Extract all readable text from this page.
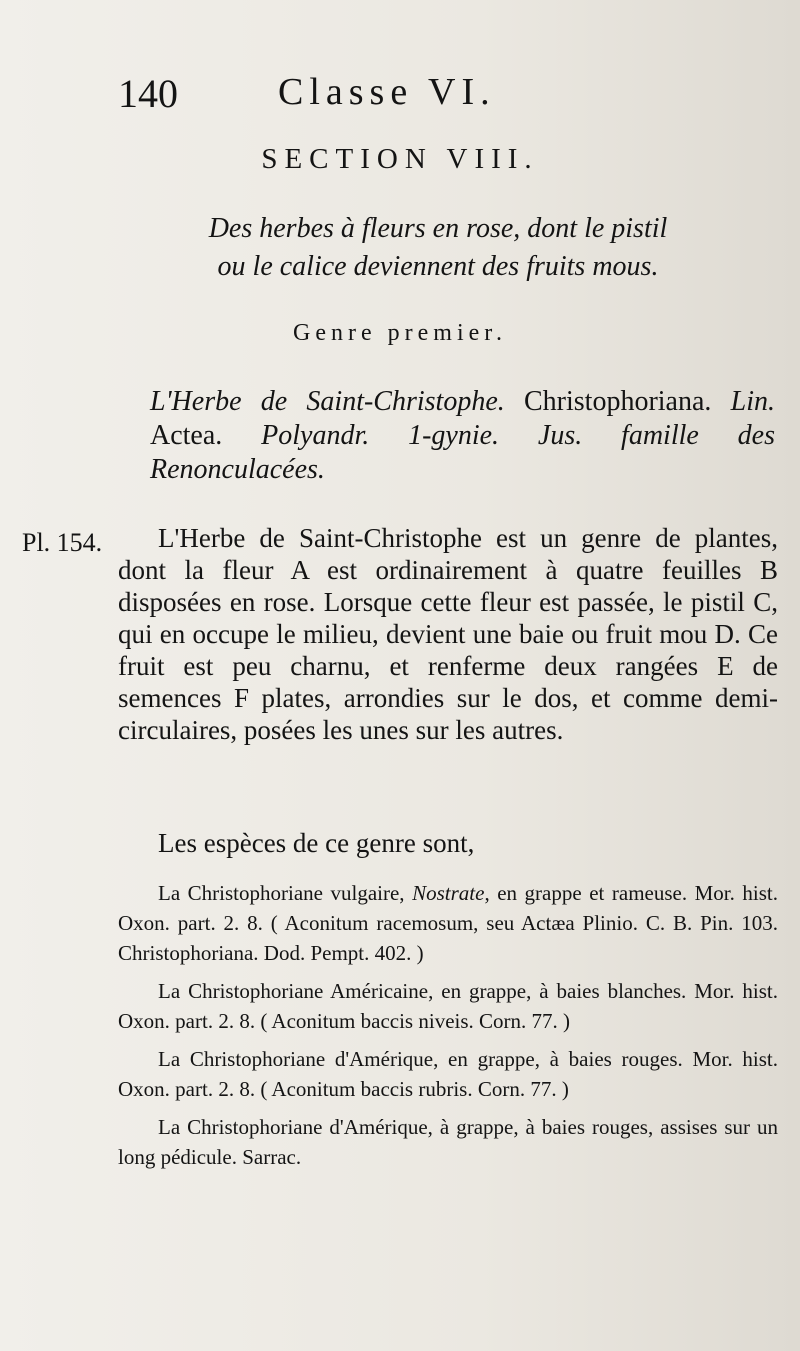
140	Classe VI.
SECTION VIII.
Des herbes à fleurs en rose, dont le pistil
ou le calice deviennent des fruits mous.
Genre premier.
L'Herbe de Saint-Christophe. Christophoriana. Lin. Actea. Polyandr. 1-gynie. Jus. famille des Renonculacées.
Pl. 154.	L'Herbe de Saint-Christophe est un genre de plantes, dont la fleur A est ordinairement à quatre feuilles B disposées en rose. Lorsque cette fleur est passée, le pistil C, qui en occupe le milieu, devient une baie ou fruit mou D. Ce fruit est peu charnu, et renferme deux rangées E de semences F plates, arrondies sur le dos, et comme demi-circulaires, posées les unes sur les autres.

Les espèces de ce genre sont,
La Christophoriane vulgaire, Nostrate, en grappe et rameuse. Mor. hist. Oxon. part. 2. 8. ( Aconitum racemosum, seu Actæa Plinio. C. B. Pin. 103. Christophoriana. Dod. Pempt. 402. )
La Christophoriane Américaine, en grappe, à baies blanches. Mor. hist. Oxon. part. 2. 8. ( Aconitum baccis niveis. Corn. 77. )
La Christophoriane d'Amérique, en grappe, à baies rouges. Mor. hist. Oxon. part. 2. 8. ( Aconitum baccis rubris. Corn. 77. )
La Christophoriane d'Amérique, à grappe, à baies rouges, assises sur un long pédicule. Sarrac.
